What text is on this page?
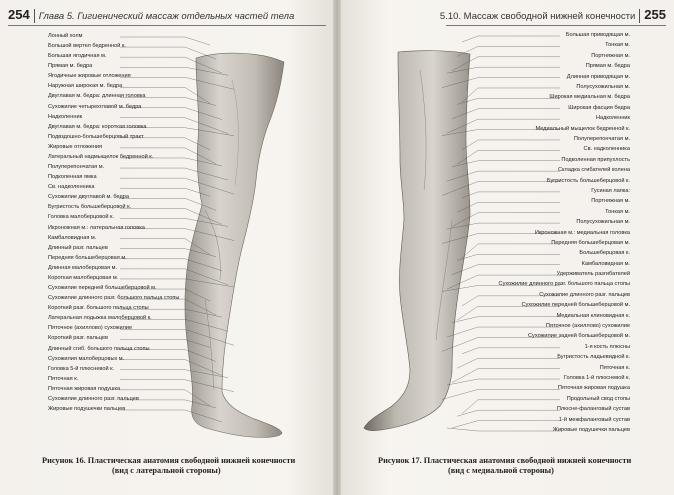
254 Глава 5. Гигиенический массаж отдельных частей тела	5.10. Массаж свободной нижней конечности 255
Лонный холм
Большой вертел бедренной к.
Большая ягодичная м.
Прямая м. бедра
Ягодичные жировые отложения
Наружная широкая м. бедра
Двуглавая м. бедра: длинная головка
Сухожилие четырехглавой м. бедра
Надколенник
Двуглавая м. бедра: короткая головка
Подвздошно-большеберцовый тракт
Жировые отложения
Латеральный надмыщелок бедренной к.
Полуперепончатая м.
Подколенная ямка
Св. надколенника
Сухожилие двуглавой м. бедра
Бугристость большеберцовой к.
Головка малоберцовой к.
Икроножная м.: латеральная головка
Камбаловидная м.
Длинный разг. пальцев
Передняя большеберцовая м.
Длинная малоберцовая м.
Короткая малоберцовая м.
Сухожилие передней большеберцовой м.
Сухожилие длинного разг. большого пальца стопы
Короткий разг. большого пальца стопы
Латеральная лодыжка малоберцовой к.
Пяточное (ахиллово) сухожилие
Короткий разг. пальцев
Длинный сгиб. большого пальца стопы
Сухожилия малоберцовых м.
Головка 5-й плюсневой к.
Пяточная к.
Пяточная жировая подушка
Сухожилие длинного разг. пальцев
Жировые подушечки пальцев
Большая приводящая м.
Тонкая м.
Портняжная м.
Прямая м. бедра
Длинная приводящая м.
Полусухожильная м.
Широкая медиальная м. бедра
Широкая фасция бедра
Надколенник
Медиальный мыщелок бедренной к.
Полуперепончатая м.
Св. надколенника
Подколенная припухлость
Складка сгибателей колена
Бугристость большеберцовой к.
Гусиная лапка:
Портняжная м.
Тонкая м.
Полусухожильная м.
Икроножная м.: медиальная головка
Передняя большеберцовая м.
Большеберцовая к.
Камбаловидная м.
Удерживатель разгибателей
Сухожилие длинного разг. большого пальца стопы
Сухожилие длинного разг. пальцев
Сухожилие передней большеберцовой м.
Медиальная клиновидная к.
Пяточное (ахиллово) сухожилие
Сухожилие задней большеберцовой м.
1-я кость плюсны
Бугристость ладьевидной к.
Пяточная к.
Головка 1-й плюсневой к.
Пяточная жировая подушка
Продольный свод стопы
Плюсне-фаланговый сустав
1-й межфаланговый сустав
Жировые подушечки пальцев
Рисунок 16. Пластическая анатомия свободной нижней конечности
(вид с латеральной стороны)
Рисунок 17. Пластическая анатомия свободной нижней конечности
(вид с медиальной стороны)
